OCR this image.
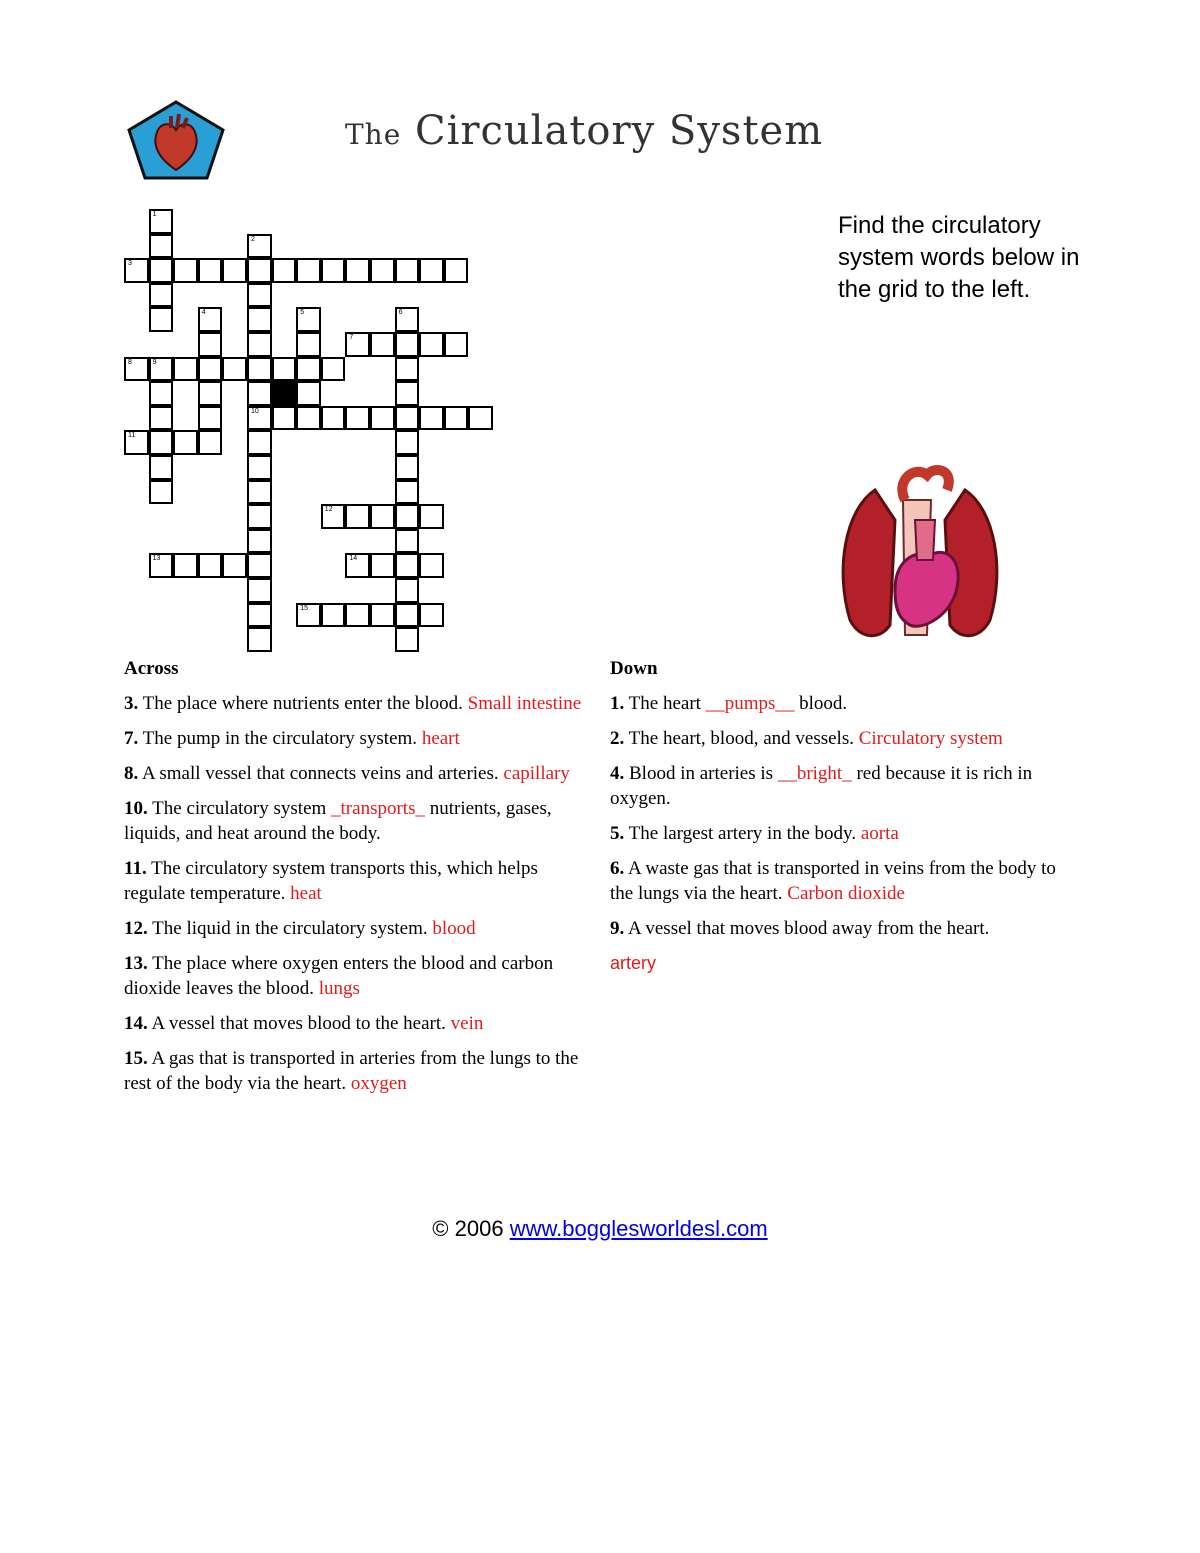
The Circulatory System
Find the circulatory system words below in the grid to the left.
3
7
8	9
10
11
12
13	14
15
1
2
4	5	6
Across
3. The place where nutrients enter the blood. Small intestine
7. The pump in the circulatory system. heart
8. A small vessel that connects veins and arteries. capillary
10. The circulatory system _transports_ nutrients, gases, liquids, and heat around the body.
11. The circulatory system transports this, which helps regulate temperature. heat
12. The liquid in the circulatory system. blood
13. The place where oxygen enters the blood and carbon dioxide leaves the blood. lungs
14. A vessel that moves blood to the heart. vein
15. A gas that is transported in arteries from the lungs to the rest of the body via the heart. oxygen
Down
1. The heart __pumps__ blood.
2. The heart, blood, and vessels. Circulatory system
4. Blood in arteries is __bright_ red because it is rich in oxygen.
5. The largest artery in the body. aorta
6. A waste gas that is transported in veins from the body to the lungs via the heart. Carbon dioxide
9. A vessel that moves blood away from the heart.
artery
© 2006 www.bogglesworldesl.com
